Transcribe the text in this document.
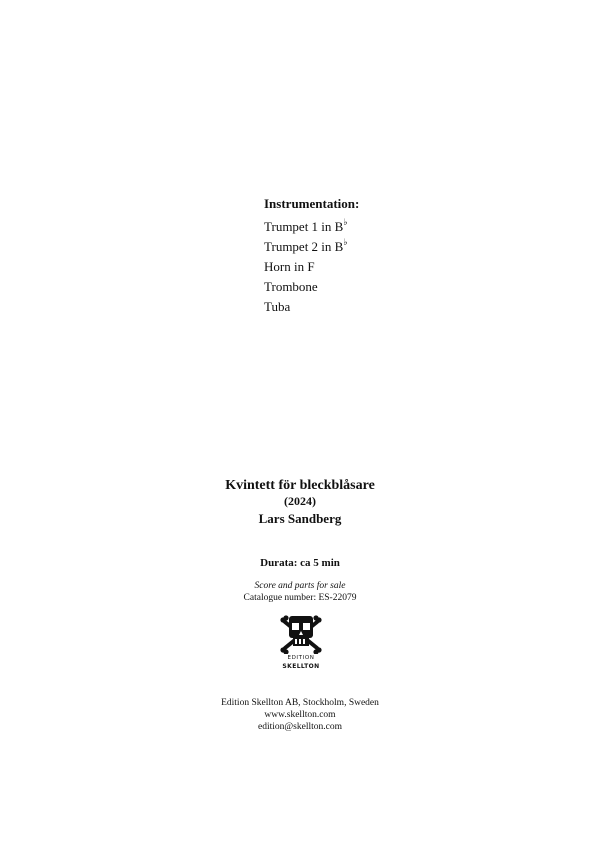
Instrumentation:
Trumpet 1 in B♭
Trumpet 2 in B♭
Horn in F
Trombone
Tuba
Kvintett för bleckblåsare
(2024)
Lars Sandberg
Durata: ca 5 min
Score and parts for sale
Catalogue number: ES-22079
EDITION
SKELLTON
Edition Skellton AB, Stockholm, Sweden
www.skellton.com
edition@skellton.com
